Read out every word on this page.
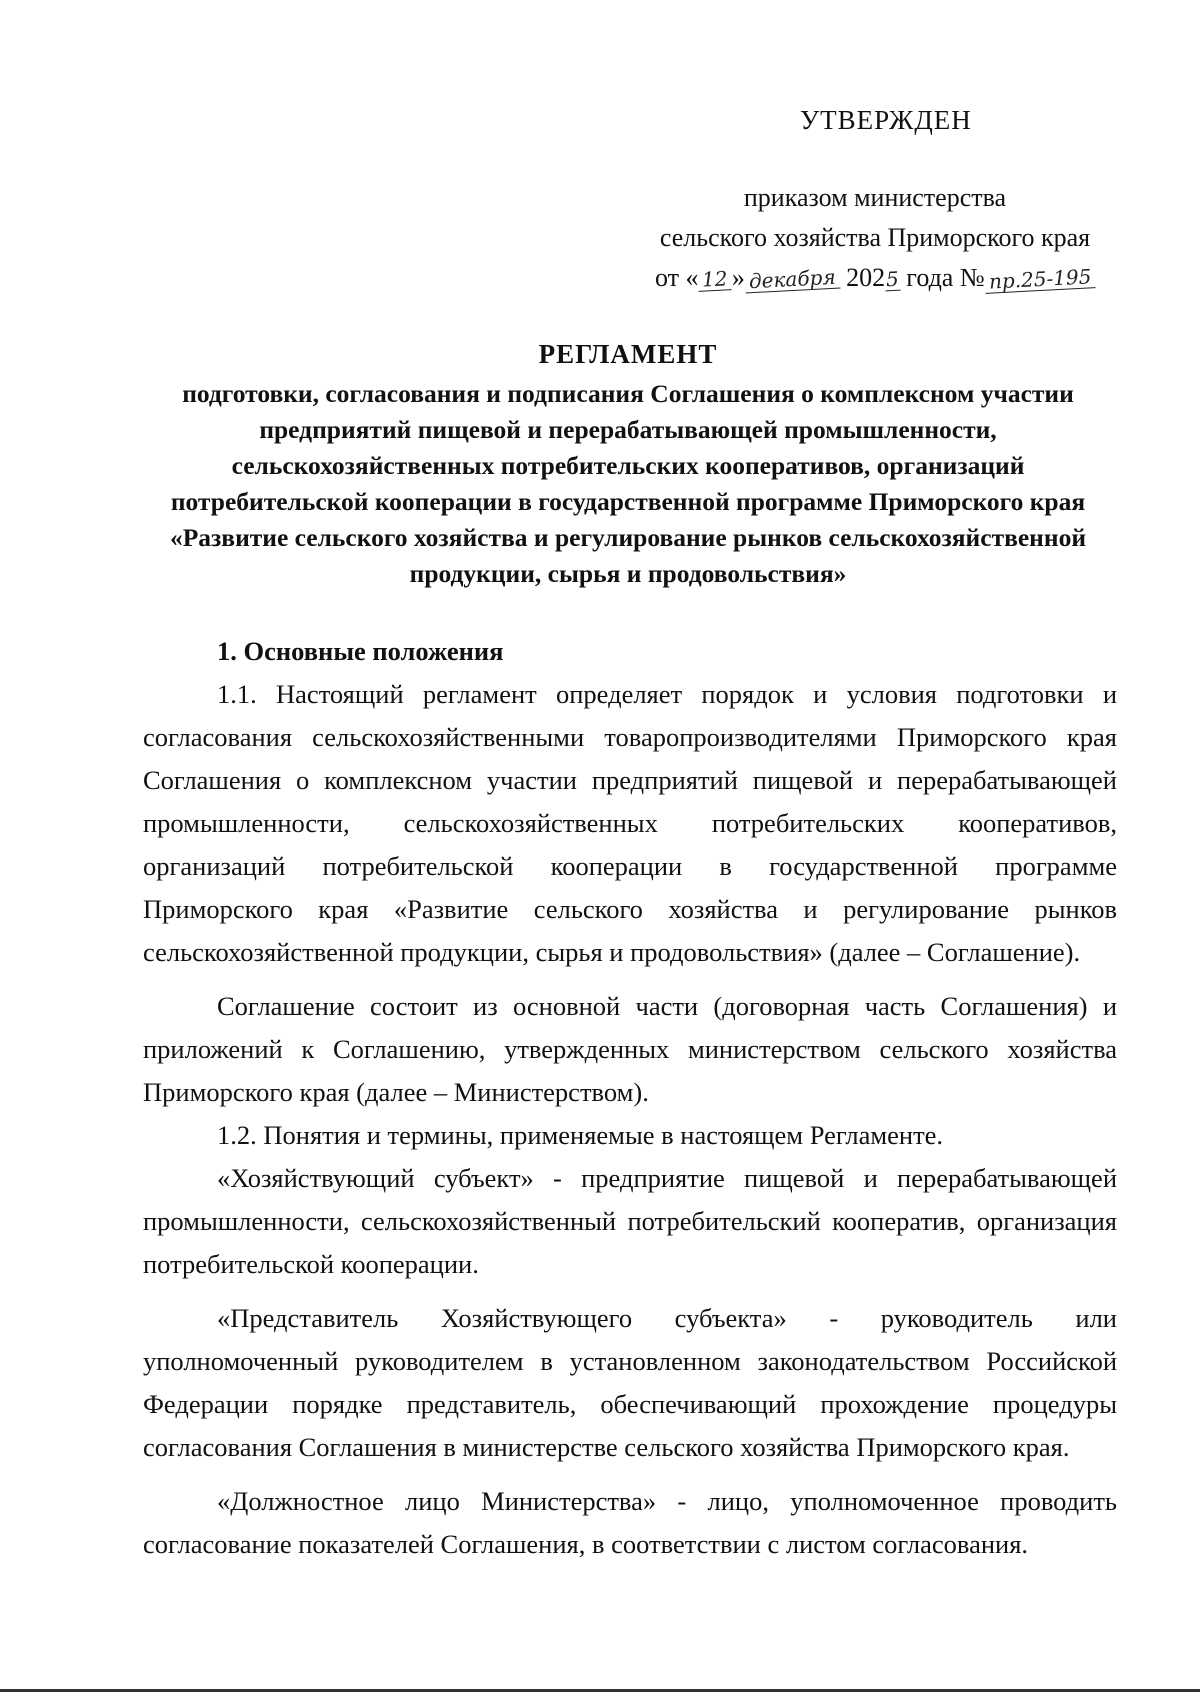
УТВЕРЖДЕН
приказом министерства
сельского хозяйства Приморского края
от « 12 » декабря 2025 года № пр.25-195
РЕГЛАМЕНТ
подготовки, согласования и подписания Соглашения о комплексном участии предприятий пищевой и перерабатывающей промышленности, сельскохозяйственных потребительских кооперативов, организаций потребительской кооперации в государственной программе Приморского края «Развитие сельского хозяйства и регулирование рынков сельскохозяйственной продукции, сырья и продовольствия»
1. Основные положения

1.1. Настоящий регламент определяет порядок и условия подготовки и согласования сельскохозяйственными товаропроизводителями Приморского края Соглашения о комплексном участии предприятий пищевой и перерабатывающей промышленности, сельскохозяйственных потребительских кооперативов, организаций потребительской кооперации в государственной программе Приморского края «Развитие сельского хозяйства и регулирование рынков сельскохозяйственной продукции, сырья и продовольствия» (далее – Соглашение).

Соглашение состоит из основной части (договорная часть Соглашения) и приложений к Соглашению, утвержденных министерством сельского хозяйства Приморского края (далее – Министерством).

1.2. Понятия и термины, применяемые в настоящем Регламенте.

«Хозяйствующий субъект» - предприятие пищевой и перерабатывающей промышленности, сельскохозяйственный потребительский кооператив, организация потребительской кооперации.

«Представитель Хозяйствующего субъекта» - руководитель или уполномоченный руководителем в установленном законодательством Российской Федерации порядке представитель, обеспечивающий прохождение процедуры согласования Соглашения в министерстве сельского хозяйства Приморского края.

«Должностное лицо Министерства» - лицо, уполномоченное проводить согласование показателей Соглашения, в соответствии с листом согласования.
